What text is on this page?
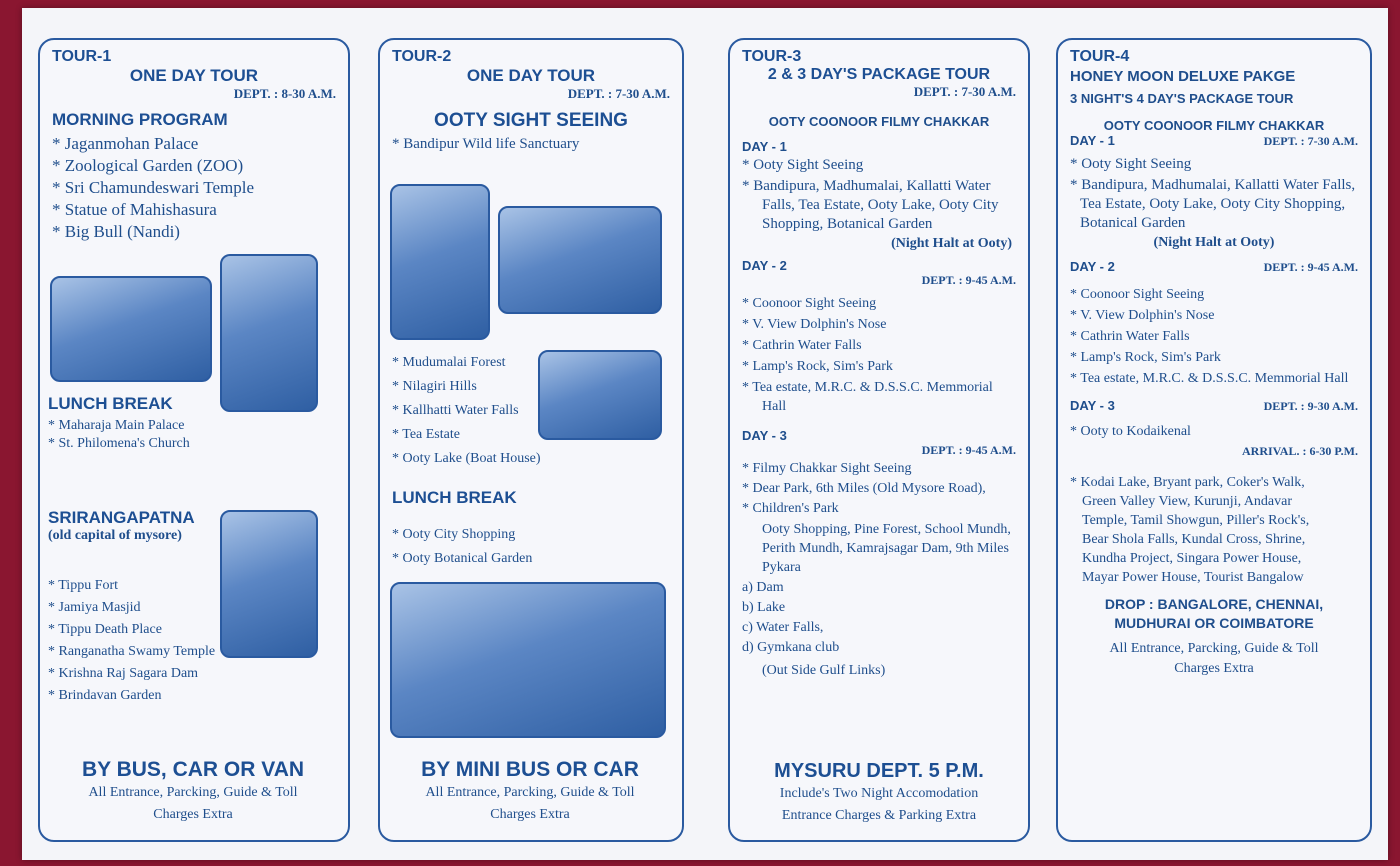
TOUR-1
ONE DAY TOUR
DEPT. : 8-30 A.M.
MORNING PROGRAM
* Jaganmohan Palace
* Zoological Garden (ZOO)
* Sri Chamundeswari Temple
* Statue of Mahishasura
* Big Bull (Nandi)
LUNCH BREAK
* Maharaja Main Palace
* St. Philomena's Church
SRIRANGAPATNA
(old capital of mysore)
* Tippu Fort
* Jamiya Masjid
* Tippu Death Place
* Ranganatha Swamy Temple
* Krishna Raj Sagara Dam
* Brindavan Garden
BY BUS, CAR OR VAN
All Entrance, Parcking, Guide & Toll
Charges Extra
TOUR-2
ONE DAY TOUR
DEPT. : 7-30 A.M.
OOTY SIGHT SEEING
* Bandipur Wild life Sanctuary
* Mudumalai Forest
* Nilagiri Hills
* Kallhatti Water Falls
* Tea Estate
* Ooty Lake (Boat House)
LUNCH BREAK
* Ooty City Shopping
* Ooty Botanical Garden
BY MINI BUS OR CAR
All Entrance, Parcking, Guide & Toll
Charges Extra
TOUR-3
2 & 3 DAY'S PACKAGE TOUR
DEPT. : 7-30 A.M.
OOTY COONOOR FILMY CHAKKAR
DAY - 1
* Ooty Sight Seeing
* Bandipura, Madhumalai, Kallatti Water Falls, Tea Estate, Ooty Lake, Ooty City Shopping, Botanical Garden
(Night Halt at Ooty)
DAY - 2
DEPT. : 9-45 A.M.
* Coonoor Sight Seeing
* V. View Dolphin's Nose
* Cathrin Water Falls
* Lamp's Rock, Sim's Park
* Tea estate, M.R.C. & D.S.S.C. Memmorial Hall
DAY - 3
DEPT. : 9-45 A.M.
* Filmy Chakkar Sight Seeing
* Dear Park, 6th Miles (Old Mysore Road),
* Children's Park
Ooty Shopping, Pine Forest, School Mundh, Perith Mundh, Kamrajsagar Dam, 9th Miles Pykara
a) Dam
b) Lake
c) Water Falls,
d) Gymkana club
(Out Side Gulf Links)
MYSURU DEPT. 5 P.M.
Include's Two Night Accomodation
Entrance Charges & Parking Extra
TOUR-4
HONEY MOON DELUXE PAKGE
3 NIGHT'S 4 DAY'S PACKAGE TOUR
OOTY COONOOR FILMY CHAKKAR
DAY - 1	DEPT. : 7-30 A.M.
* Ooty Sight Seeing
* Bandipura, Madhumalai, Kallatti Water Falls, Tea Estate, Ooty Lake, Ooty City Shopping, Botanical Garden
(Night Halt at Ooty)
DAY - 2	DEPT. : 9-45 A.M.
* Coonoor Sight Seeing
* V. View Dolphin's Nose
* Cathrin Water Falls
* Lamp's Rock, Sim's Park
* Tea estate, M.R.C. & D.S.S.C. Memmorial Hall
DAY - 3	DEPT. : 9-30 A.M.
* Ooty to Kodaikenal
ARRIVAL. : 6-30 P.M.
* Kodai Lake, Bryant park, Coker's Walk, Green Valley View, Kurunji, Andavar Temple, Tamil Showgun, Piller's Rock's, Bear Shola Falls, Kundal Cross, Shrine, Kundha Project, Singara Power House, Mayar Power House, Tourist Bangalow
DROP : BANGALORE, CHENNAI, MUDHURAI OR COIMBATORE
All Entrance, Parcking, Guide & Toll
Charges Extra
